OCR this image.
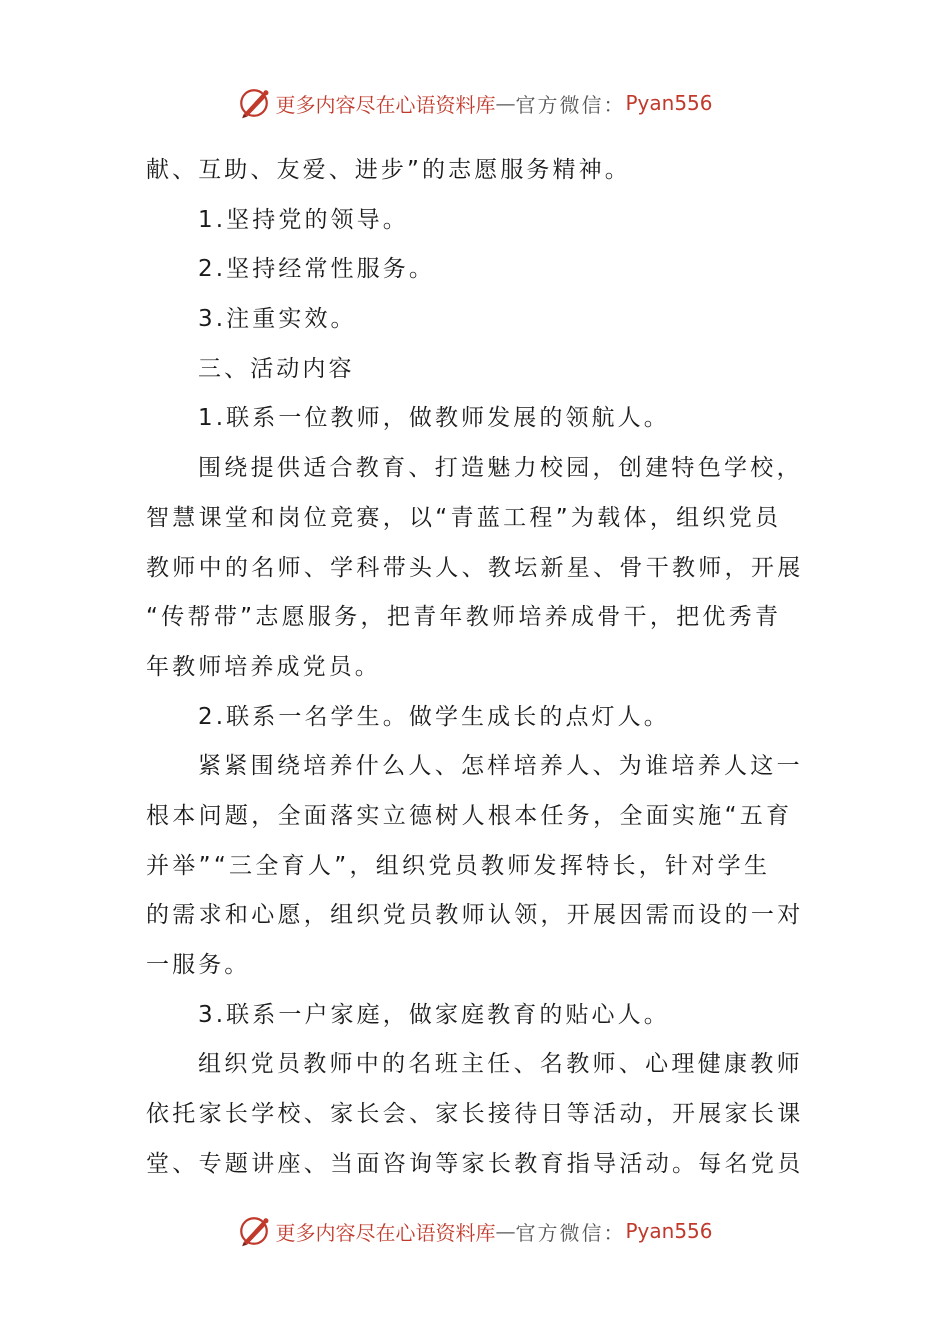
更多内容尽在心语资料库 — 官方微信： Pyan556
献、互助、友爱、进步”的志愿服务精神。
1.坚持党的领导。
2.坚持经常性服务。
3.注重实效。
三、活动内容
1.联系一位教师，做教师发展的领航人。
围绕提供适合教育、打造魅力校园，创建特色学校，
智慧课堂和岗位竞赛，以“青蓝工程”为载体，组织党员
教师中的名师、学科带头人、教坛新星、骨干教师，开展
“传帮带”志愿服务，把青年教师培养成骨干，把优秀青
年教师培养成党员。
2.联系一名学生。做学生成长的点灯人。
紧紧围绕培养什么人、怎样培养人、为谁培养人这一
根本问题，全面落实立德树人根本任务，全面实施“五育
并举”“三全育人”，组织党员教师发挥特长，针对学生
的需求和心愿，组织党员教师认领，开展因需而设的一对
一服务。
3.联系一户家庭，做家庭教育的贴心人。
组织党员教师中的名班主任、名教师、心理健康教师
依托家长学校、家长会、家长接待日等活动，开展家长课
堂、专题讲座、当面咨询等家长教育指导活动。每名党员
更多内容尽在心语资料库 — 官方微信： Pyan556
